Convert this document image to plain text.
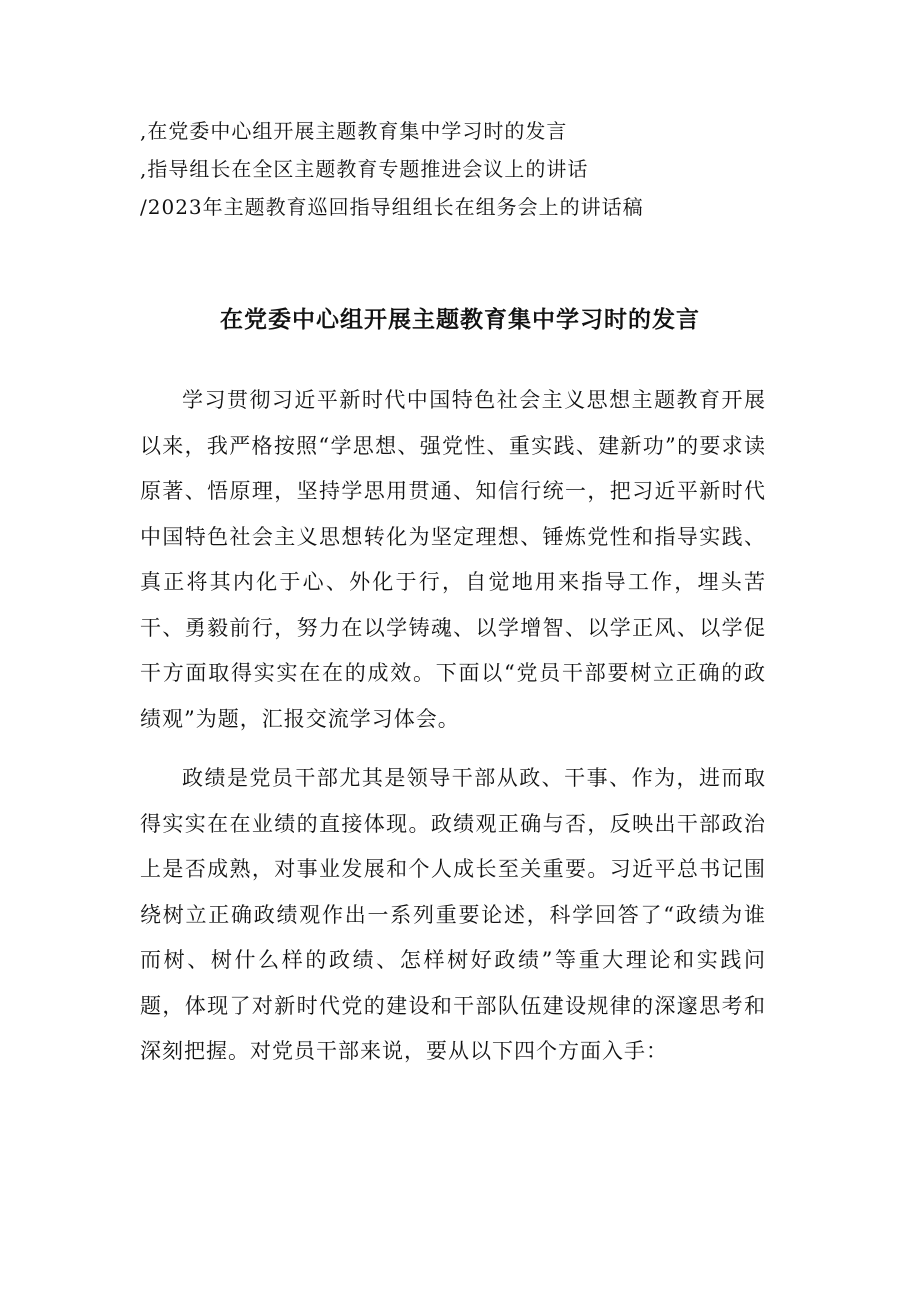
,在党委中心组开展主题教育集中学习时的发言
,指导组长在全区主题教育专题推进会议上的讲话
/2023年主题教育巡回指导组组长在组务会上的讲话稿
在党委中心组开展主题教育集中学习时的发言

学习贯彻习近平新时代中国特色社会主义思想主题教育开展以来，我严格按照“学思想、强党性、重实践、建新功”的要求读原著、悟原理，坚持学思用贯通、知信行统一，把习近平新时代中国特色社会主义思想转化为坚定理想、锤炼党性和指导实践、真正将其内化于心、外化于行，自觉地用来指导工作，埋头苦干、勇毅前行，努力在以学铸魂、以学增智、以学正风、以学促干方面取得实实在在的成效。下面以“党员干部要树立正确的政绩观”为题，汇报交流学习体会。

政绩是党员干部尤其是领导干部从政、干事、作为，进而取得实实在在业绩的直接体现。政绩观正确与否，反映出干部政治上是否成熟，对事业发展和个人成长至关重要。习近平总书记围绕树立正确政绩观作出一系列重要论述，科学回答了“政绩为谁而树、树什么样的政绩、怎样树好政绩”等重大理论和实践问题，体现了对新时代党的建设和干部队伍建设规律的深邃思考和深刻把握。对党员干部来说，要从以下四个方面入手：
